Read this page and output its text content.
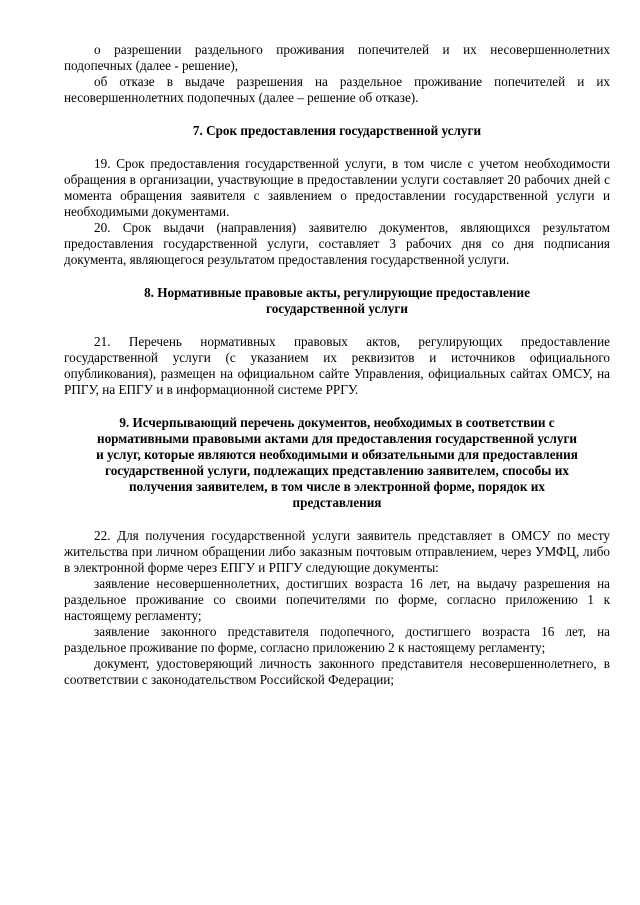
о разрешении раздельного проживания попечителей и их несовершеннолетних подопечных (далее - решение),

об отказе в выдаче разрешения на раздельное проживание попечителей и их несовершеннолетних подопечных (далее – решение об отказе).

7. Срок предоставления государственной услуги

19. Срок предоставления государственной услуги, в том числе с учетом необходимости обращения в организации, участвующие в предоставлении услуги составляет 20 рабочих дней с момента обращения заявителя с заявлением о предоставлении государственной услуги и необходимыми документами.

20. Срок выдачи (направления) заявителю документов, являющихся результатом предоставления государственной услуги, составляет 3 рабочих дня со дня подписания документа, являющегося результатом предоставления государственной услуги.

8. Нормативные правовые акты, регулирующие предоставление государственной услуги

21. Перечень нормативных правовых актов, регулирующих предоставление государственной услуги (с указанием их реквизитов и источников официального опубликования), размещен на официальном сайте Управления, официальных сайтах ОМСУ, на РПГУ, на ЕПГУ и в информационной системе РРГУ.

9. Исчерпывающий перечень документов, необходимых в соответствии с нормативными правовыми актами для предоставления государственной услуги и услуг, которые являются необходимыми и обязательными для предоставления государственной услуги, подлежащих представлению заявителем, способы их получения заявителем, в том числе в электронной форме, порядок их представления

22. Для получения государственной услуги заявитель представляет в ОМСУ по месту жительства при личном обращении либо заказным почтовым отправлением, через УМФЦ, либо в электронной форме через ЕПГУ и РПГУ следующие документы:

заявление несовершеннолетних, достигших возраста 16 лет, на выдачу разрешения на раздельное проживание со своими попечителями по форме, согласно приложению 1 к настоящему регламенту;

заявление законного представителя подопечного, достигшего возраста 16 лет, на раздельное проживание по форме, согласно приложению 2 к настоящему регламенту;

документ, удостоверяющий личность законного представителя несовершеннолетнего, в соответствии с законодательством Российской Федерации;
